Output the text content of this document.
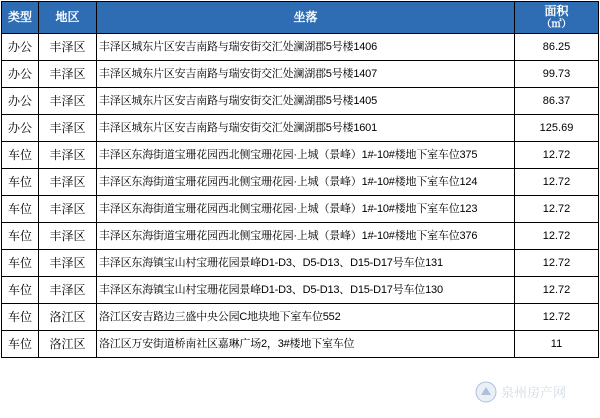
类型	地区	坐落	面积
（㎡）

办公	丰泽区	丰泽区城东片区安吉南路与瑞安街交汇处澜湖郡5号楼1406	86.25
办公	丰泽区	丰泽区城东片区安吉南路与瑞安街交汇处澜湖郡5号楼1407	99.73
办公	丰泽区	丰泽区城东片区安吉南路与瑞安街交汇处澜湖郡5号楼1405	86.37
办公	丰泽区	丰泽区城东片区安吉南路与瑞安街交汇处澜湖郡5号楼1601	125.69
车位	丰泽区	丰泽区东海街道宝珊花园西北侧宝珊花园·上城（景峰）1#-10#楼地下室车位375	12.72
车位	丰泽区	丰泽区东海街道宝珊花园西北侧宝珊花园·上城（景峰）1#-10#楼地下室车位124	12.72
车位	丰泽区	丰泽区东海街道宝珊花园西北侧宝珊花园·上城（景峰）1#-10#楼地下室车位123	12.72
车位	丰泽区	丰泽区东海街道宝珊花园西北侧宝珊花园·上城（景峰）1#-10#楼地下室车位376	12.72
车位	丰泽区	丰泽区东海镇宝山村宝珊花园景峰D1-D3、D5-D13、D15-D17号车位131	12.72
车位	丰泽区	丰泽区东海镇宝山村宝珊花园景峰D1-D3、D5-D13、D15-D17号车位130	12.72
车位	洛江区	洛江区安吉路边三盛中央公园C地块地下室车位552	12.72
车位	洛江区	洛江区万安街道桥南社区嘉琳广场2，3#楼地下室车位	11
泉州房产网
